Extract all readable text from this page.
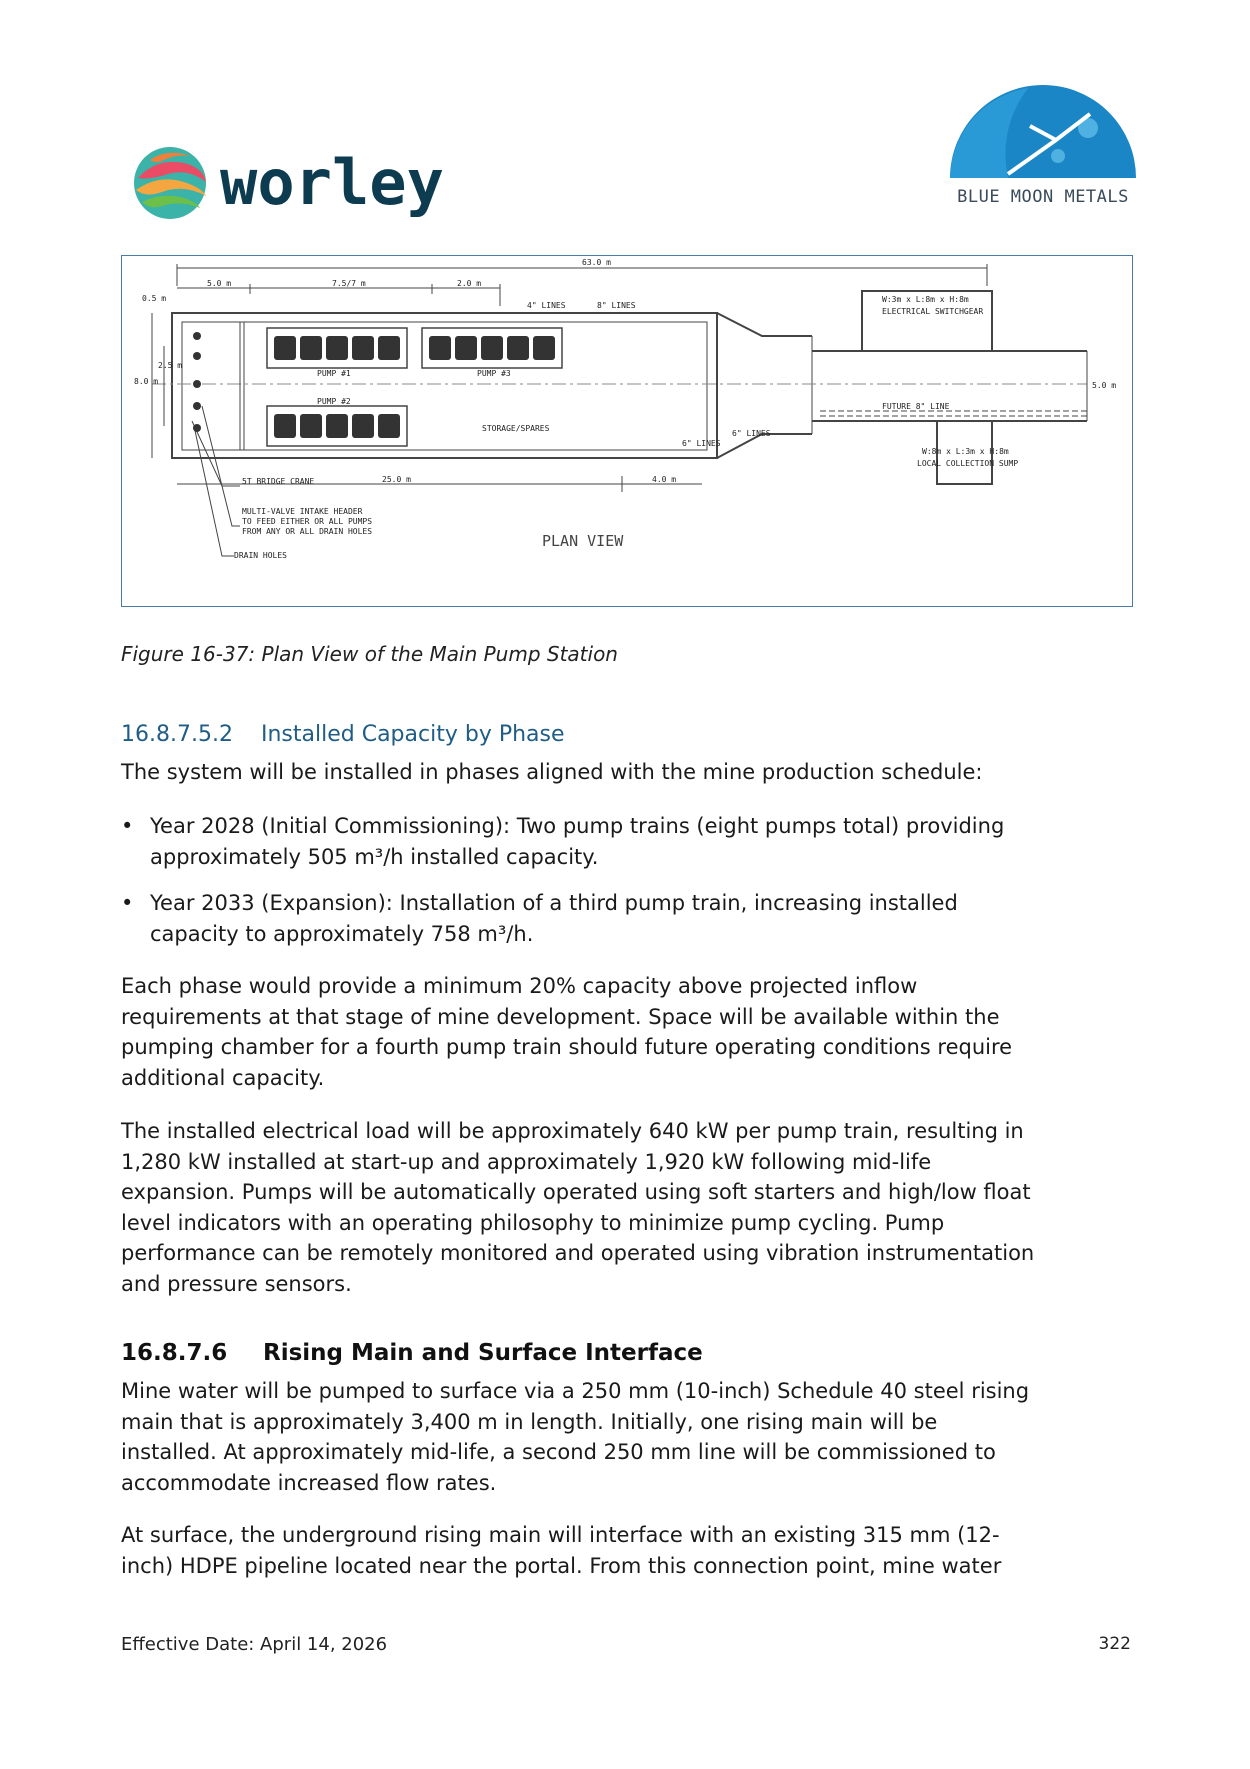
worley	BLUE MOON METALS
63.0 m
5.0 m	7.5/7 m	2.0 m
0.5 m
8.0 m
2.5 m
5.0 m
25.0 m	4.0 m
4" LINES	8" LINES
6" LINES
6" LINES
W:3m x L:8m x H:8m
ELECTRICAL SWITCHGEAR
FUTURE 8" LINE
W:8m x L:3m x H:8m
LOCAL COLLECTION SUMP
PUMP #1
PUMP #2
PUMP #3
STORAGE/SPARES
5T BRIDGE CRANE
MULTI-VALVE INTAKE HEADER
TO FEED EITHER OR ALL PUMPS
FROM ANY OR ALL DRAIN HOLES
DRAIN HOLES
PLAN VIEW
Figure 16-37: Plan View of the Main Pump Station
16.8.7.5.2 Installed Capacity by Phase
The system will be installed in phases aligned with the mine production schedule:
• Year 2028 (Initial Commissioning): Two pump trains (eight pumps total) providing
approximately 505 m³/h installed capacity.
• Year 2033 (Expansion): Installation of a third pump train, increasing installed
capacity to approximately 758 m³/h.
Each phase would provide a minimum 20% capacity above projected inflow
requirements at that stage of mine development. Space will be available within the
pumping chamber for a fourth pump train should future operating conditions require
additional capacity.
The installed electrical load will be approximately 640 kW per pump train, resulting in
1,280 kW installed at start-up and approximately 1,920 kW following mid-life
expansion. Pumps will be automatically operated using soft starters and high/low float
level indicators with an operating philosophy to minimize pump cycling. Pump
performance can be remotely monitored and operated using vibration instrumentation
and pressure sensors.
16.8.7.6 Rising Main and Surface Interface
Mine water will be pumped to surface via a 250 mm (10-inch) Schedule 40 steel rising
main that is approximately 3,400 m in length. Initially, one rising main will be
installed. At approximately mid-life, a second 250 mm line will be commissioned to
accommodate increased flow rates.
At surface, the underground rising main will interface with an existing 315 mm (12-
inch) HDPE pipeline located near the portal. From this connection point, mine water
Effective Date: April 14, 2026	322
